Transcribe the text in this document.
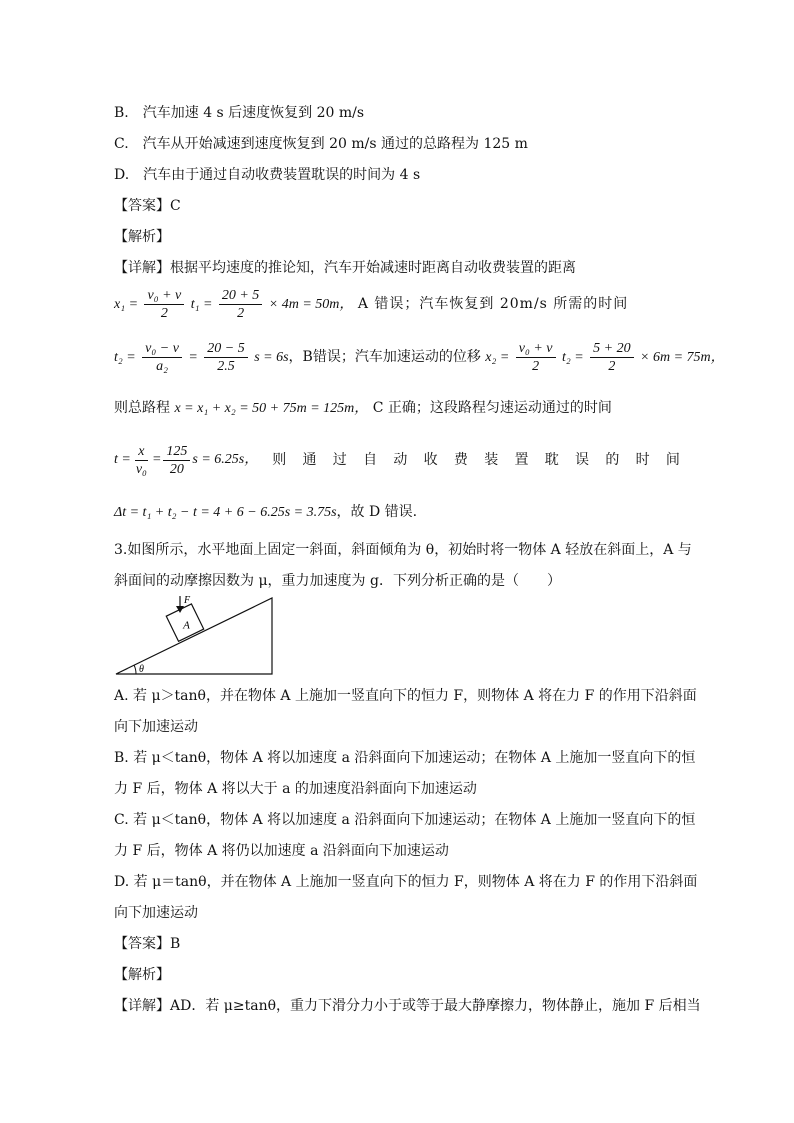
B.　汽车加速 4 s 后速度恢复到 20 m/s
C.　汽车从开始减速到速度恢复到 20 m/s 通过的总路程为 125 m
D.　汽车由于通过自动收费装置耽误的时间为 4 s
【答案】C
【解析】
【详解】根据平均速度的推论知，汽车开始减速时距离自动收费装置的距离
$x_1 = \frac{\text{v₀ + v}}{2} t_1 = \frac{20 + 5}{2} \times 4m = 50m$， A 错误；汽车恢复到 20m/s 所需的时间
$t_2 = \frac{\text{v₀ − v}}{\text{a₂}} = \frac{20 - 5}{2.5}$ s = 6s，B错误；汽车加速运动的位移 $x_2 = \frac{\text{v₀ + v}}{2} t_2 = \frac{5 + 20}{2} \times 6m = 75m$，
则总路程 x = x₁ + x₂ = 50 + 75m = 125m， C 正确；这段路程匀速运动通过的时间
$t = \frac{x}{\text{v₀}} = \frac{125}{20}$ s = 6.25s， 则 通 过 自 动 收 费 装 置 耽 误 的 时 间
Δt = t₁ + t₂ − t = 4 + 6 − 6.25s = 3.75s，故 D 错误.
3.如图所示，水平地面上固定一斜面，斜面倾角为 θ，初始时将一物体 A 轻放在斜面上，A 与
斜面间的动摩擦因数为 μ，重力加速度为 g．下列分析正确的是（　　）
A
F
θ
A. 若 μ＞tanθ，并在物体 A 上施加一竖直向下的恒力 F，则物体 A 将在力 F 的作用下沿斜面
向下加速运动
B. 若 μ＜tanθ，物体 A 将以加速度 a 沿斜面向下加速运动；在物体 A 上施加一竖直向下的恒
力 F 后，物体 A 将以大于 a 的加速度沿斜面向下加速运动
C. 若 μ＜tanθ，物体 A 将以加速度 a 沿斜面向下加速运动；在物体 A 上施加一竖直向下的恒
力 F 后，物体 A 将仍以加速度 a 沿斜面向下加速运动
D. 若 μ＝tanθ，并在物体 A 上施加一竖直向下的恒力 F，则物体 A 将在力 F 的作用下沿斜面
向下加速运动
【答案】B
【解析】
【详解】AD．若 μ≥tanθ，重力下滑分力小于或等于最大静摩擦力，物体静止，施加 F 后相当
